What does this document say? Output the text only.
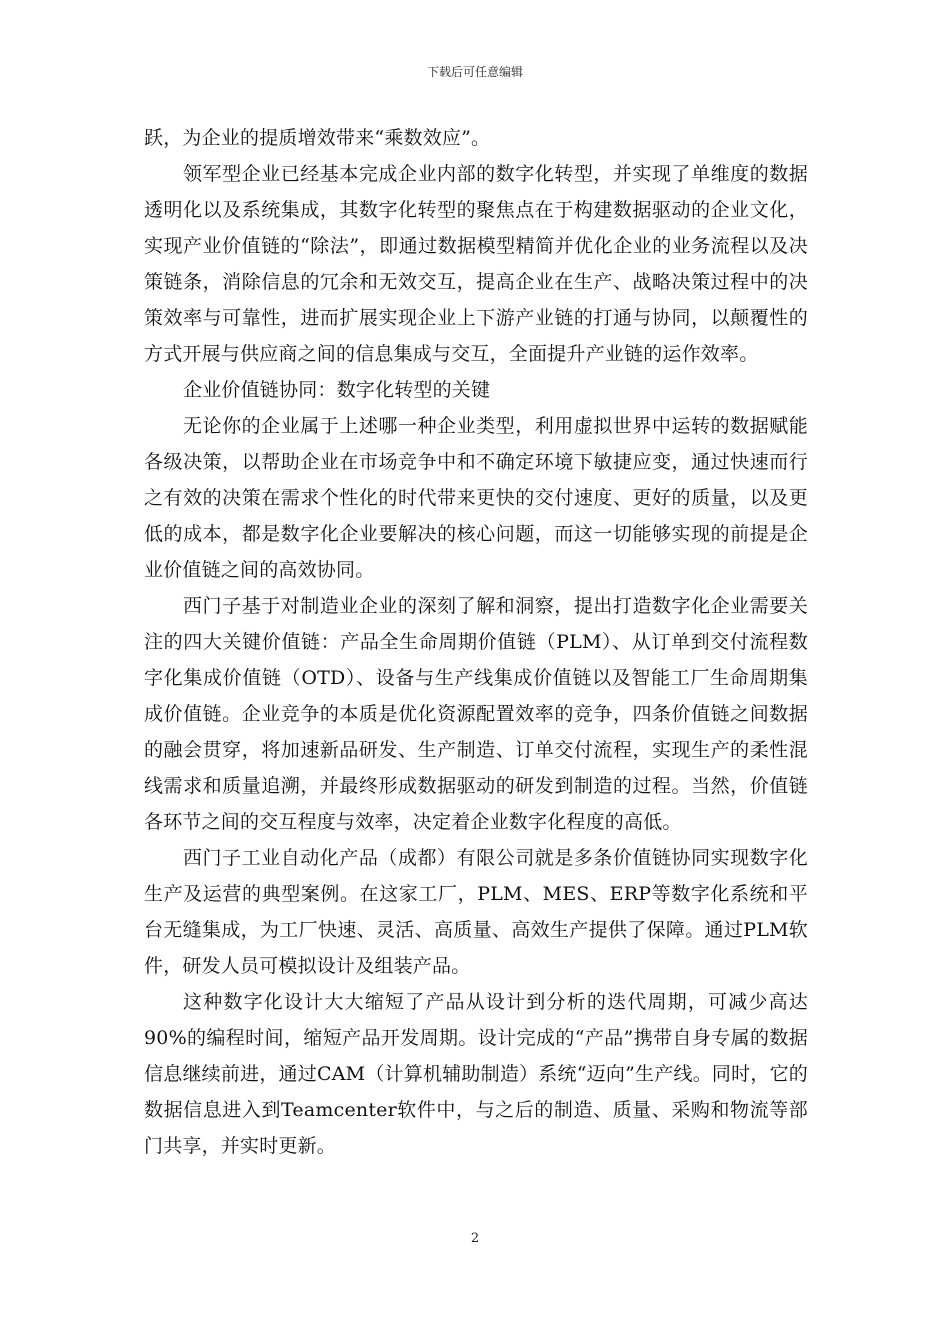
下载后可任意编辑

跃，为企业的提质增效带来“乘数效应”。

领军型企业已经基本完成企业内部的数字化转型，并实现了单维度的数据透明化以及系统集成，其数字化转型的聚焦点在于构建数据驱动的企业文化，实现产业价值链的“除法”，即通过数据模型精简并优化企业的业务流程以及决策链条，消除信息的冗余和无效交互，提高企业在生产、战略决策过程中的决策效率与可靠性，进而扩展实现企业上下游产业链的打通与协同，以颠覆性的方式开展与供应商之间的信息集成与交互，全面提升产业链的运作效率。

企业价值链协同：数字化转型的关键

无论你的企业属于上述哪一种企业类型，利用虚拟世界中运转的数据赋能各级决策，以帮助企业在市场竞争中和不确定环境下敏捷应变，通过快速而行之有效的决策在需求个性化的时代带来更快的交付速度、更好的质量，以及更低的成本，都是数字化企业要解决的核心问题，而这一切能够实现的前提是企业价值链之间的高效协同。

西门子基于对制造业企业的深刻了解和洞察，提出打造数字化企业需要关注的四大关键价值链：产品全生命周期价值链（PLM）、从订单到交付流程数字化集成价值链（OTD）、设备与生产线集成价值链以及智能工厂生命周期集成价值链。企业竞争的本质是优化资源配置效率的竞争，四条价值链之间数据的融会贯穿，将加速新品研发、生产制造、订单交付流程，实现生产的柔性混线需求和质量追溯，并最终形成数据驱动的研发到制造的过程。当然，价值链各环节之间的交互程度与效率，决定着企业数字化程度的高低。

西门子工业自动化产品（成都）有限公司就是多条价值链协同实现数字化生产及运营的典型案例。在这家工厂，PLM、MES、ERP等数字化系统和平台无缝集成，为工厂快速、灵活、高质量、高效生产提供了保障。通过PLM软件，研发人员可模拟设计及组装产品。

这种数字化设计大大缩短了产品从设计到分析的迭代周期，可减少高达90%的编程时间，缩短产品开发周期。设计完成的“产品”携带自身专属的数据信息继续前进，通过CAM（计算机辅助制造）系统“迈向”生产线。同时，它的数据信息进入到Teamcenter软件中，与之后的制造、质量、采购和物流等部门共享，并实时更新。

2
